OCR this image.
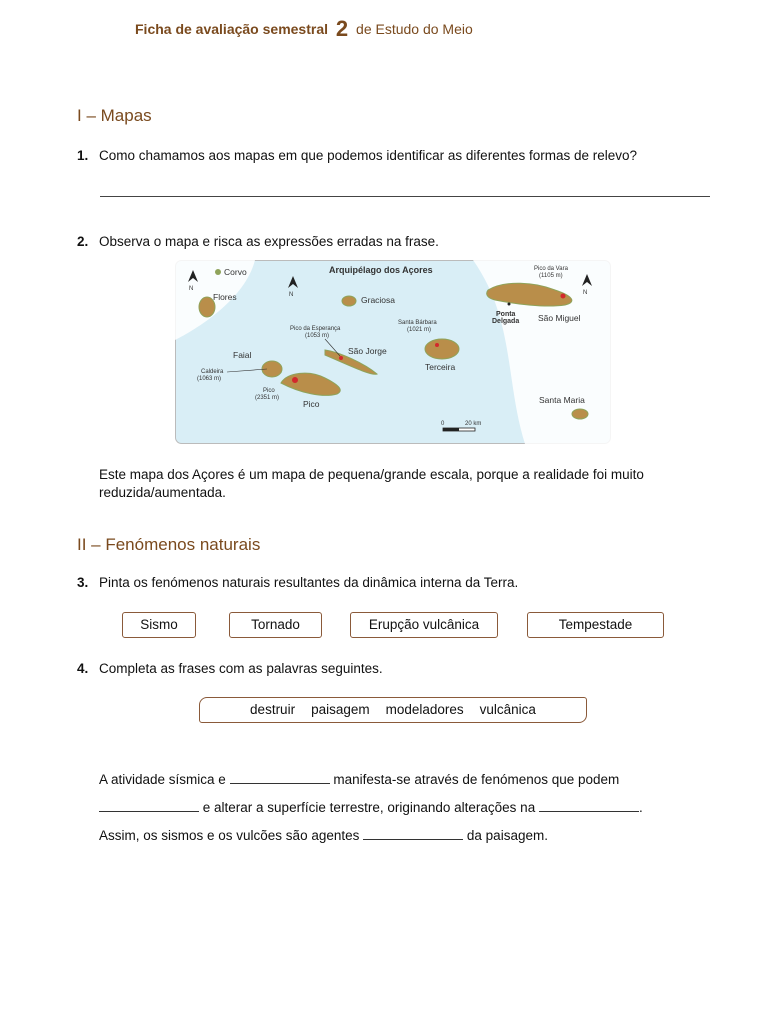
Ficha de avaliação semestral 2 de Estudo do Meio
I – Mapas
1. Como chamamos aos mapas em que podemos identificar as diferentes formas de relevo?
2. Observa o mapa e risca as expressões erradas na frase.
N
N	N
Arquipélago dos Açores
Corvo
Flores	Graciosa
Faial
Caldeira
(1063 m)
Pico
(2351 m)
Pico
Pico da Esperança
(1053 m)
São Jorge
Santa Bárbara
(1021 m)
Terceira
Pico da Vara
(1105 m)
Ponta
Delgada São Miguel
Santa Maria
0	20 km
Este mapa dos Açores é um mapa de pequena/grande escala, porque a realidade foi muito
reduzida/aumentada.
II – Fenómenos naturais
3. Pinta os fenómenos naturais resultantes da dinâmica interna da Terra.
Sismo	Tornado	Erupção vulcânica	Tempestade
4. Completa as frases com as palavras seguintes.
destruir paisagem modeladores vulcânica
A atividade sísmica e	manifesta-se através de fenómenos que podem
e alterar a superfície terrestre, originando alterações na	.
Assim, os sismos e os vulcões são agentes	da paisagem.
